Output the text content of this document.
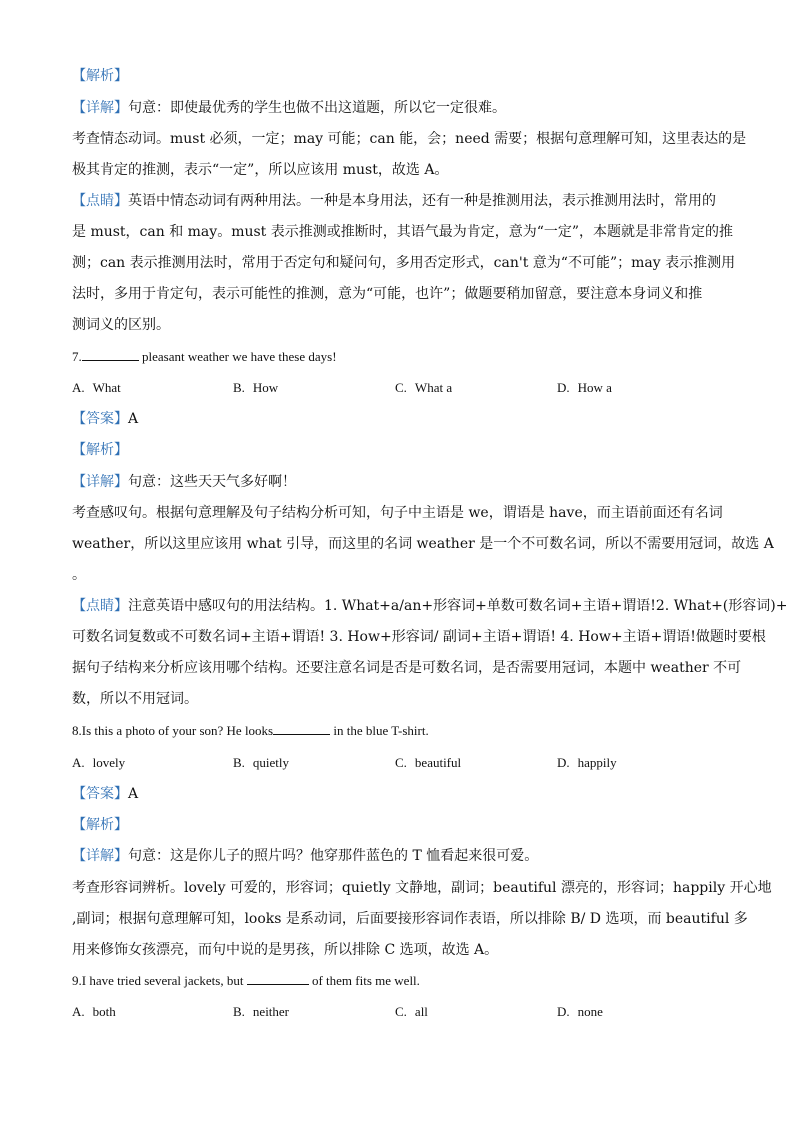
【解析】
【详解】句意：即使最优秀的学生也做不出这道题，所以它一定很难。
考查情态动词。must 必须，一定；may 可能；can 能，会；need 需要；根据句意理解可知，这里表达的是
极其肯定的推测，表示“一定”，所以应该用 must，故选 A。
【点睛】英语中情态动词有两种用法。一种是本身用法，还有一种是推测用法，表示推测用法时，常用的
是 must，can 和 may。must 表示推测或推断时，其语气最为肯定，意为“一定”，本题就是非常肯定的推
测；can 表示推测用法时，常用于否定句和疑问句，多用否定形式，can't 意为“不可能”；may 表示推测用
法时，多用于肯定句，表示可能性的推测，意为“可能，也许”；做题要稍加留意，要注意本身词义和推
测词义的区别。
7.	pleasant weather we have these days!
A. What	B. How	C. What a	D. How a
【答案】A
【解析】
【详解】句意：这些天天气多好啊！
考查感叹句。根据句意理解及句子结构分析可知，句子中主语是 we，谓语是 have，而主语前面还有名词
weather，所以这里应该用 what 引导，而这里的名词 weather 是一个不可数名词，所以不需要用冠词，故选 A
。
【点睛】注意英语中感叹句的用法结构。1. What+a/an+形容词+单数可数名词+主语+谓语!2. What+(形容词)+
可数名词复数或不可数名词+主语+谓语! 3. How+形容词/ 副词+主语+谓语! 4. How+主语+谓语!做题时要根
据句子结构来分析应该用哪个结构。还要注意名词是否是可数名词，是否需要用冠词，本题中 weather 不可
数，所以不用冠词。
8.Is this a photo of your son? He looks	in the blue T-shirt.
A. lovely	B. quietly	C. beautiful	D. happily
【答案】A
【解析】
【详解】句意：这是你儿子的照片吗？他穿那件蓝色的 T 恤看起来很可爱。
考查形容词辨析。lovely 可爱的，形容词；quietly 文静地，副词；beautiful 漂亮的，形容词；happily 开心地
,副词；根据句意理解可知，looks 是系动词，后面要接形容词作表语，所以排除 B/ D 选项，而 beautiful 多
用来修饰女孩漂亮，而句中说的是男孩，所以排除 C 选项，故选 A。
9.I have tried several jackets, but	of them fits me well.
A. both	B. neither	C. all	D. none
